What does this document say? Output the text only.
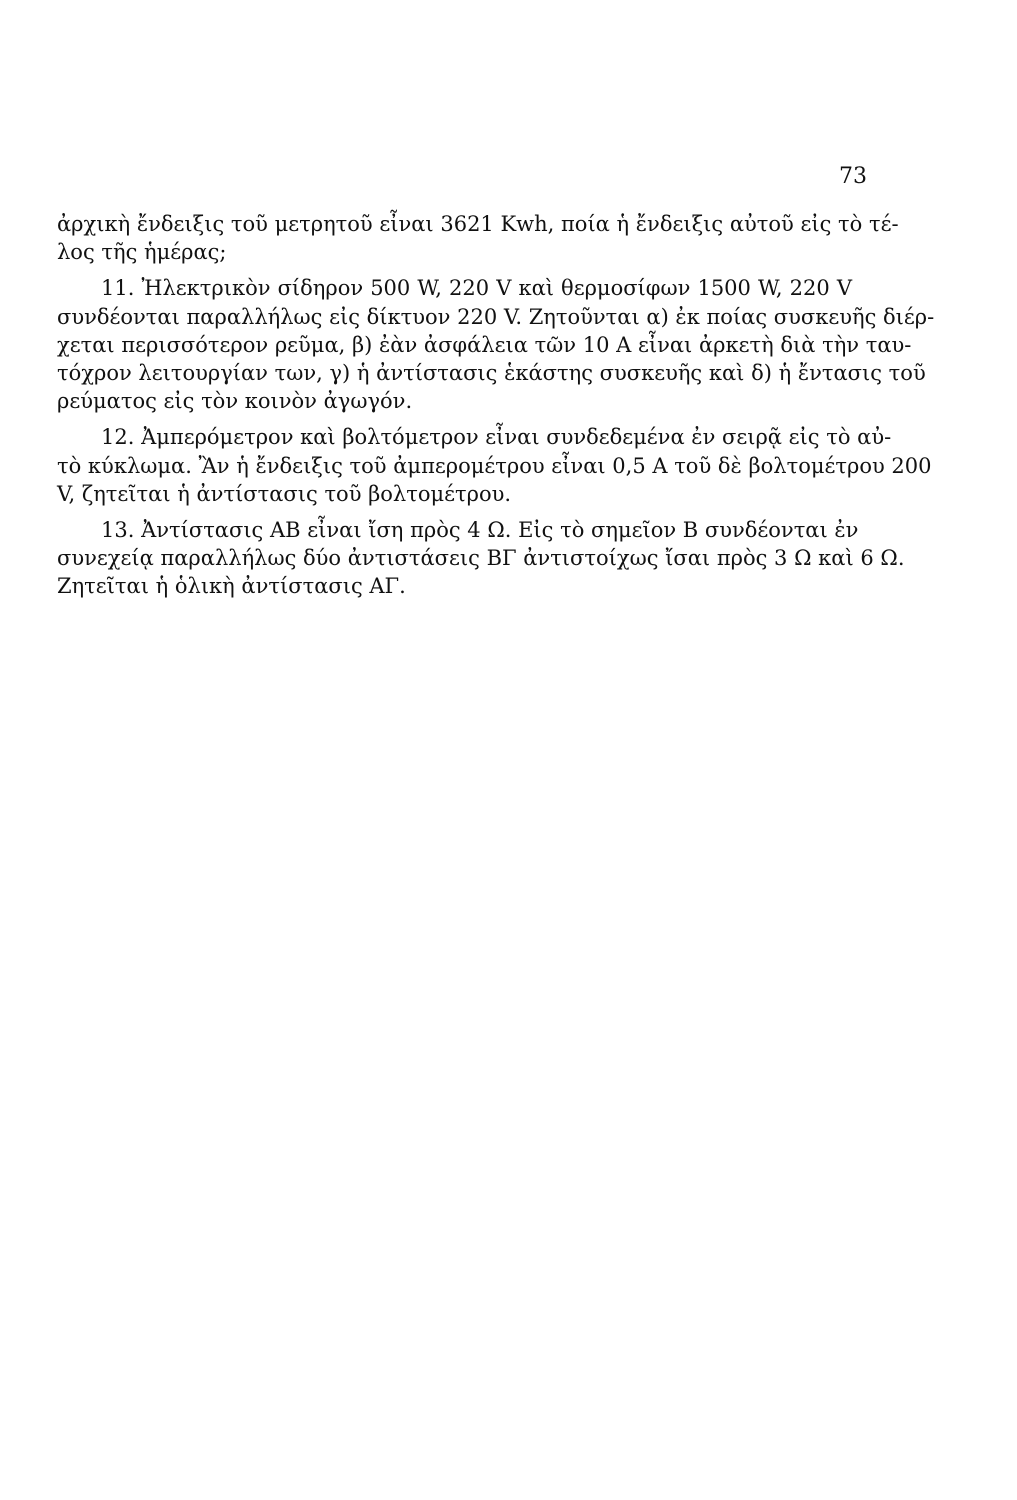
73
ἀρχικὴ ἔνδειξις τοῦ μετρητοῦ εἶναι 3621 Kwh, ποία ἡ ἔνδειξις αὐτοῦ εἰς τὸ τέ-
λος τῆς ἡμέρας;
11. Ἠλεκτρικὸν σίδηρον 500 W, 220 V καὶ θερμοσίφων 1500 W, 220 V
συνδέονται παραλλήλως εἰς δίκτυον 220 V. Ζητοῦνται α) ἐκ ποίας συσκευῆς διέρ-
χεται περισσότερον ρεῦμα, β) ἐὰν ἀσφάλεια τῶν 10 A εἶναι ἀρκετὴ διὰ τὴν ταυ-
τόχρον λειτουργίαν των, γ) ἡ ἀντίστασις ἑκάστης συσκευῆς καὶ δ) ἡ ἔντασις τοῦ
ρεύματος εἰς τὸν κοινὸν ἀγωγόν.
12. Ἀμπερόμετρον καὶ βολτόμετρον εἶναι συνδεδεμένα ἐν σειρᾷ εἰς τὸ αὐ-
τὸ κύκλωμα. Ἂν ἡ ἔνδειξις τοῦ ἀμπερομέτρου εἶναι 0,5 A τοῦ δὲ βολτομέτρου 200
V, ζητεῖται ἡ ἀντίστασις τοῦ βολτομέτρου.
13. Ἀντίστασις AB εἶναι ἴση πρὸς 4 Ω. Εἰς τὸ σημεῖον B συνδέονται ἐν
συνεχείᾳ παραλλήλως δύο ἀντιστάσεις BΓ ἀντιστοίχως ἴσαι πρὸς 3 Ω καὶ 6 Ω.
Ζητεῖται ἡ ὁλικὴ ἀντίστασις AΓ.
